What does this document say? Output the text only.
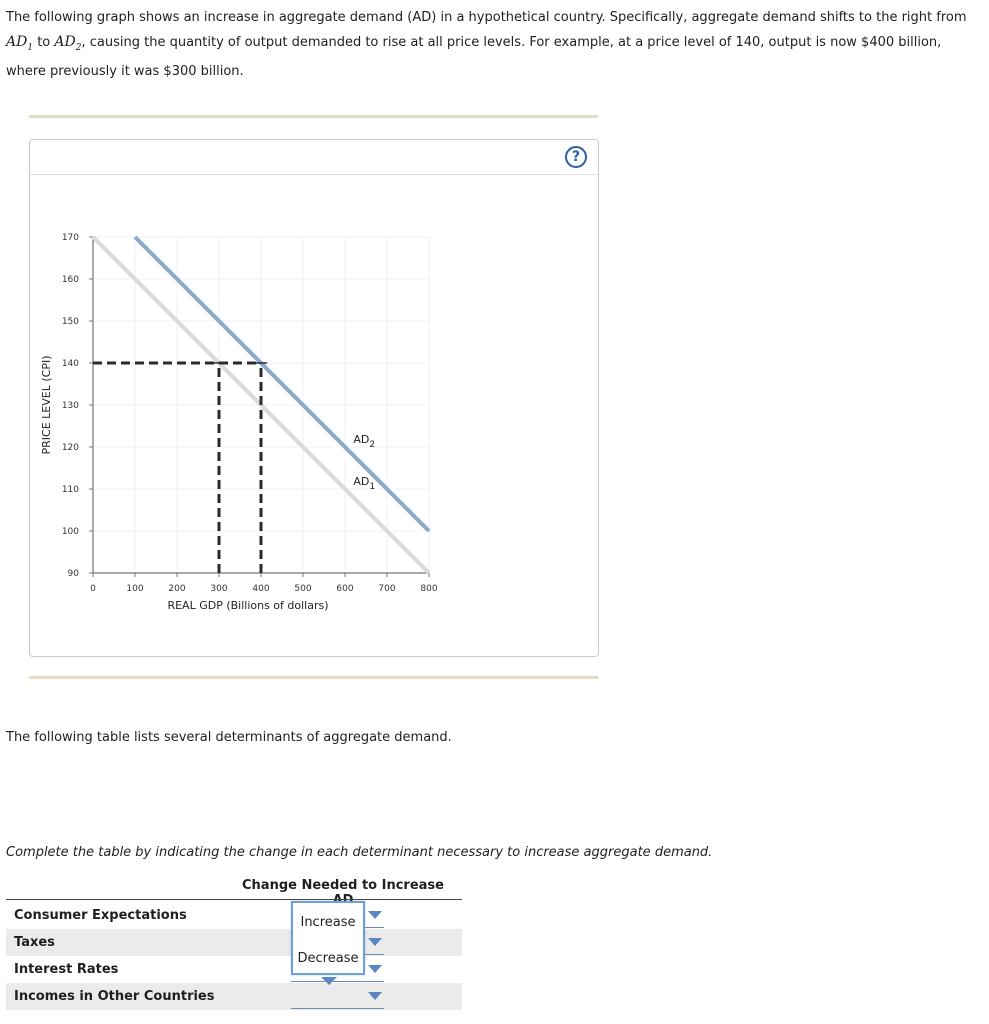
The following graph shows an increase in aggregate demand (AD) in a hypothetical country. Specifically, aggregate demand shifts to the right from
$AD_1$ to $AD_2$, causing the quantity of output demanded to rise at all price levels. For example, at a price level of 140, output is now $400 billion, where previously it was $300 billion.
?
0	100	200	300	400	500	600	700	800
90
100
110
120
130
140
150
160
170
REAL GDP (Billions of dollars)
PRICE LEVEL (CPI)
$AD_1$
$AD_2$
The following table lists several determinants of aggregate demand.
Complete the table by indicating the change in each determinant necessary to increase aggregate demand.
Change Needed to Increase
Consumer Expectations
Taxes
Interest Rates
Incomes in Other Countries
Increase
Decrease
